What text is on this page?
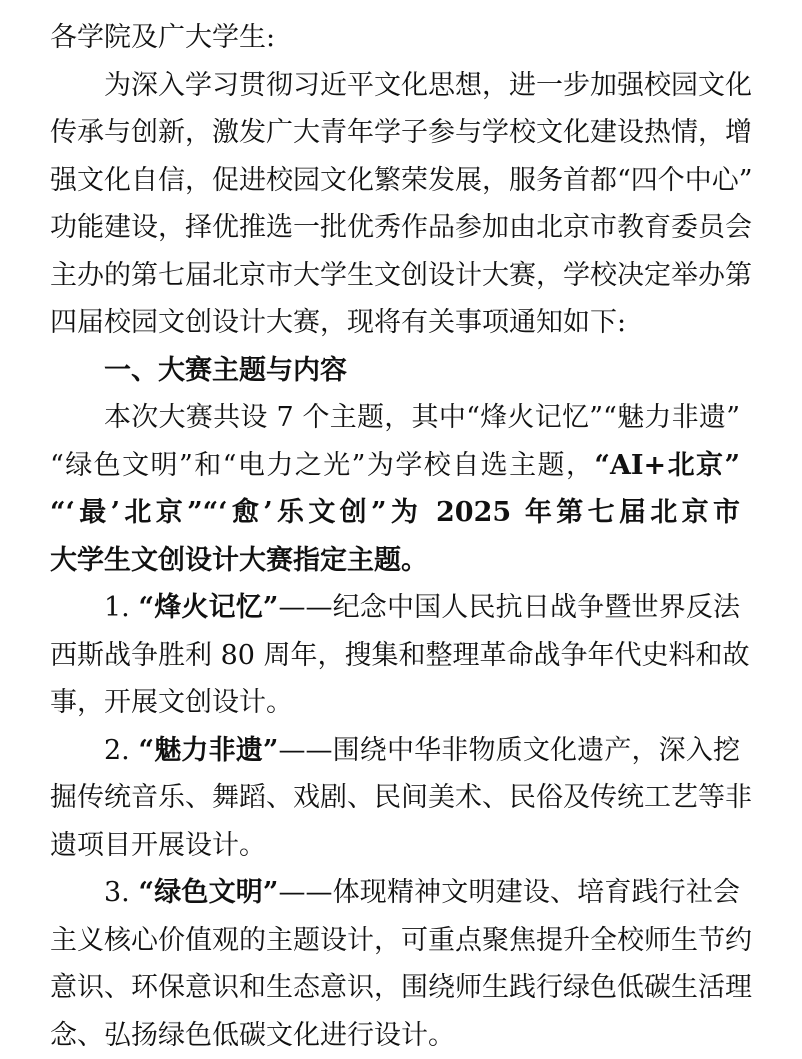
各学院及广大学生:
为深入学习贯彻习近平文化思想，进一步加强校园文化
传承与创新，激发广大青年学子参与学校文化建设热情，增
强文化自信，促进校园文化繁荣发展，服务首都“四个中心”
功能建设，择优推选一批优秀作品参加由北京市教育委员会
主办的第七届北京市大学生文创设计大赛，学校决定举办第
四届校园文创设计大赛，现将有关事项通知如下:
一、大赛主题与内容
本次大赛共设 7 个主题，其中“烽火记忆”“魅力非遗”
“绿色文明”和“电力之光”为学校自选主题，“AI+北京”
“‘最’北京”“‘愈’乐文创”为 2025 年第七届北京市
大学生文创设计大赛指定主题。
1. “烽火记忆”——纪念中国人民抗日战争暨世界反法
西斯战争胜利 80 周年，搜集和整理革命战争年代史料和故
事，开展文创设计。
2. “魅力非遗”——围绕中华非物质文化遗产，深入挖
掘传统音乐、舞蹈、戏剧、民间美术、民俗及传统工艺等非
遗项目开展设计。
3. “绿色文明”——体现精神文明建设、培育践行社会
主义核心价值观的主题设计，可重点聚焦提升全校师生节约
意识、环保意识和生态意识，围绕师生践行绿色低碳生活理
念、弘扬绿色低碳文化进行设计。
